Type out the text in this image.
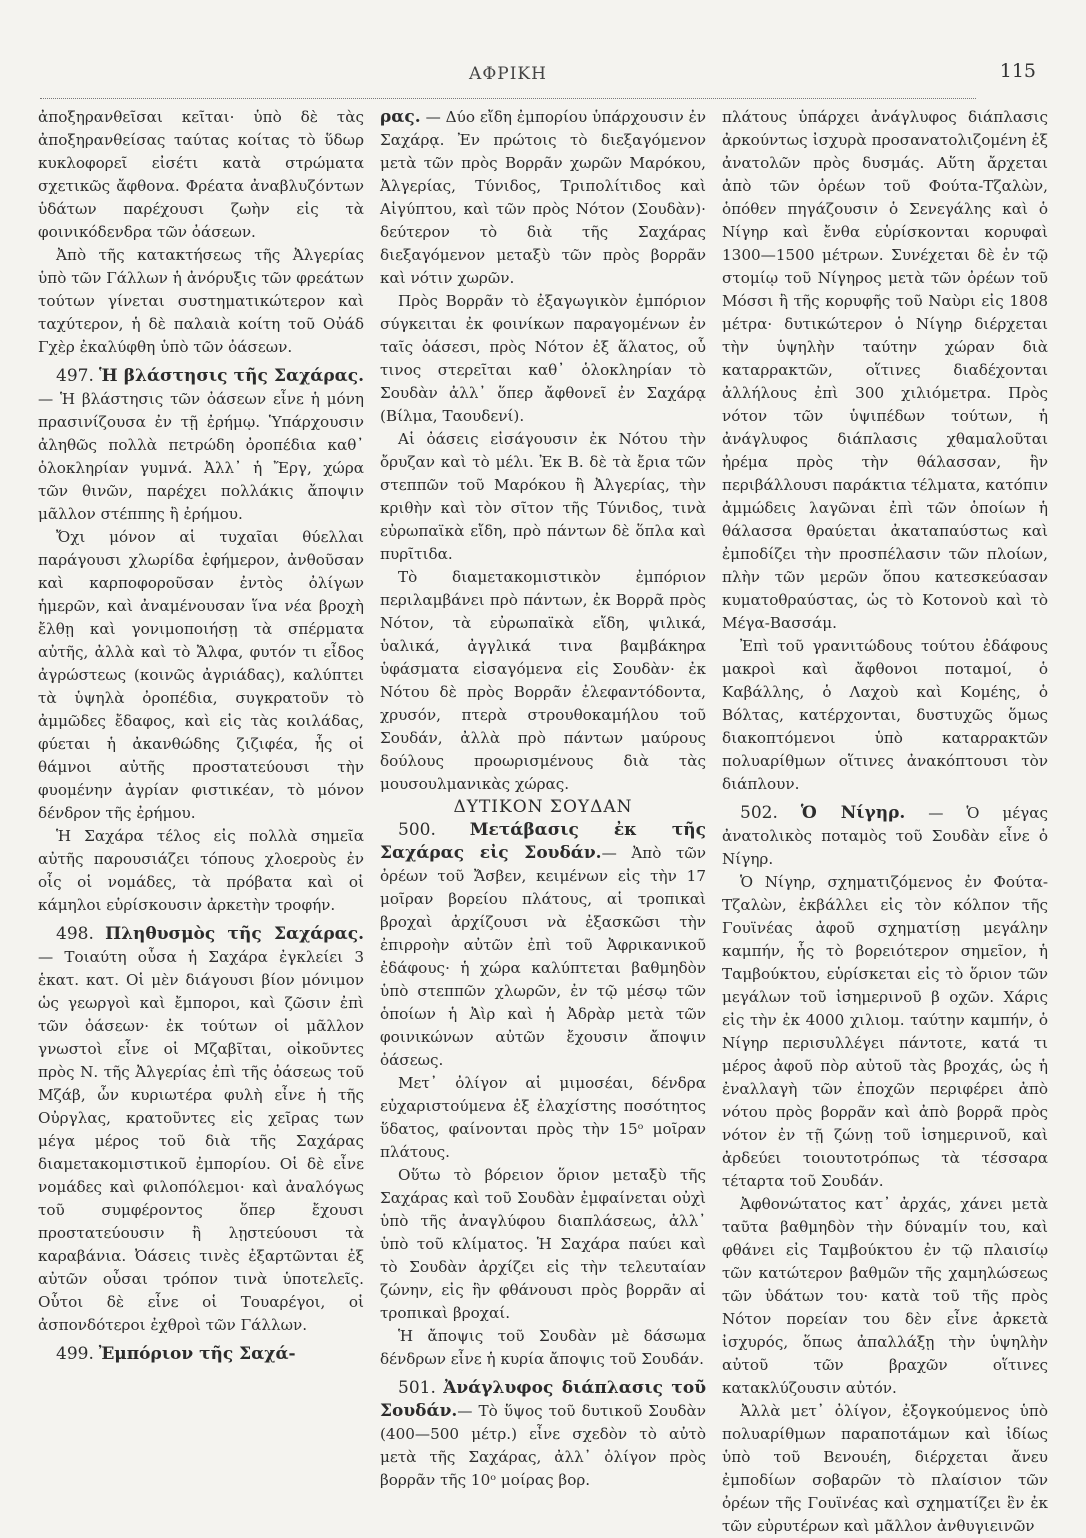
ΑΦΡΙΚΗ	115

ἀποξηρανθεῖσαι κεῖται· ὑπὸ δὲ τὰς ἀποξηρανθείσας ταύτας κοίτας τὸ ὕδωρ κυκλοφορεῖ εἰσέτι κατὰ στρώματα σχετικῶς ἄφθονα. Φρέατα ἀναβλυζόντων ὑδάτων παρέχουσι ζωὴν εἰς τὰ φοινικόδενδρα τῶν ὀάσεων.

Ἀπὸ τῆς κατακτήσεως τῆς Ἀλγερίας ὑπὸ τῶν Γάλλων ἡ ἀνόρυξις τῶν φρεάτων τούτων γίνεται συστηματικώτερον καὶ ταχύτερον, ἡ δὲ παλαιὰ κοίτη τοῦ Οὐάδ Γχὲρ ἐκαλύφθη ὑπὸ τῶν ὀάσεων.

497. Ἡ βλάστησις τῆς Σαχάρας.— Ἡ βλάστησις τῶν ὀάσεων εἶνε ἡ μόνη πρασινίζουσα ἐν τῇ ἐρήμῳ. Ὑπάρχουσιν ἀληθῶς πολλὰ πετρώδη ὀροπέδια καθ᾿ ὁλοκληρίαν γυμνά. Ἀλλ᾿ ἡ Ἔργ, χώρα τῶν θινῶν, παρέχει πολλάκις ἄποψιν μᾶλλον στέππης ἢ ἐρήμου.

Ὄχι μόνον αἱ τυχαῖαι θύελλαι παράγουσι χλωρίδα ἐφήμερον, ἀνθοῦσαν καὶ καρποφοροῦσαν ἐντὸς ὀλίγων ἡμερῶν, καὶ ἀναμένουσαν ἵνα νέα βροχὴ ἔλθῃ καὶ γονιμοποιήσῃ τὰ σπέρματα αὐτῆς, ἀλλὰ καὶ τὸ Ἄλφα, φυτόν τι εἶδος ἀγρώστεως (κοινῶς ἀγριάδας), καλύπτει τὰ ὑψηλὰ ὀροπέδια, συγκρατοῦν τὸ ἀμμῶδες ἔδαφος, καὶ εἰς τὰς κοιλάδας, φύεται ἡ ἀκανθώδης ζιζιφέα, ἧς οἱ θάμνοι αὐτῆς προστατεύουσι τὴν φυομένην ἀγρίαν φιστικέαν, τὸ μόνον δένδρον τῆς ἐρήμου.

Ἡ Σαχάρα τέλος εἰς πολλὰ σημεῖα αὐτῆς παρουσιάζει τόπους χλοεροὺς ἐν οἷς οἱ νομάδες, τὰ πρόβατα καὶ οἱ κάμηλοι εὑρίσκουσιν ἀρκετὴν τροφήν.

498. Πληθυσμὸς τῆς Σαχάρας. — Τοιαύτη οὖσα ἡ Σαχάρα ἐγκλείει 3 ἑκατ. κατ. Οἱ μὲν διάγουσι βίον μόνιμον ὡς γεωργοὶ καὶ ἔμποροι, καὶ ζῶσιν ἐπὶ τῶν ὀάσεων· ἐκ τούτων οἱ μᾶλλον γνωστοὶ εἶνε οἱ Μζαβῖται, οἰκοῦντες πρὸς Ν. τῆς Ἀλγερίας ἐπὶ τῆς ὀάσεως τοῦ Μζάβ, ὧν κυριωτέρα φυλὴ εἶνε ἡ τῆς Οὐργλας, κρατοῦντες εἰς χεῖρας των μέγα μέρος τοῦ διὰ τῆς Σαχάρας διαμετακομιστικοῦ ἐμπορίου. Οἱ δὲ εἶνε νομάδες καὶ φιλοπόλεμοι· καὶ ἀναλόγως τοῦ συμφέροντος ὅπερ ἔχουσι προστατεύουσιν ἢ λῃστεύουσι τὰ καραβάνια. Ὀάσεις τινὲς ἐξαρτῶνται ἐξ αὐτῶν οὖσαι τρόπον τινὰ ὑποτελεῖς. Οὗτοι δὲ εἶνε οἱ Τουαρέγοι, οἱ ἀσπονδότεροι ἐχθροὶ τῶν Γάλλων.

499. Ἐμπόριον τῆς Σαχά-

ρας. — Δύο εἴδη ἐμπορίου ὑπάρχουσιν ἐν Σαχάρᾳ. Ἐν πρώτοις τὸ διεξαγόμενον μετὰ τῶν πρὸς Βορρᾶν χωρῶν Μαρόκου, Ἀλγερίας, Τύνιδος, Τριπολίτιδος καὶ Αἰγύπτου, καὶ τῶν πρὸς Νότον (Σουδὰν)· δεύτερον τὸ διὰ τῆς Σαχάρας διεξαγόμενον μεταξὺ τῶν πρὸς βορρᾶν καὶ νότιν χωρῶν.

Πρὸς Βορρᾶν τὸ ἐξαγωγικὸν ἐμπόριον σύγκειται ἐκ φοινίκων παραγομένων ἐν ταῖς ὀάσεσι, πρὸς Νότον ἐξ ἅλατος, οὗ τινος στερεῖται καθ᾿ ὁλοκληρίαν τὸ Σουδὰν ἀλλ᾿ ὅπερ ἄφθονεῖ ἐν Σαχάρᾳ (Βίλμα, Ταουδενί).

Αἱ ὀάσεις εἰσάγουσιν ἐκ Νότου τὴν ὄρυζαν καὶ τὸ μέλι. Ἐκ Β. δὲ τὰ ἔρια τῶν στεππῶν τοῦ Μαρόκου ἢ Ἀλγερίας, τὴν κριθὴν καὶ τὸν σῖτον τῆς Τύνιδος, τινὰ εὐρωπαϊκὰ εἴδη, πρὸ πάντων δὲ ὅπλα καὶ πυρῖτιδα.

Τὸ διαμετακομιστικὸν ἐμπόριον περιλαμβάνει πρὸ πάντων, ἐκ Βορρᾶ πρὸς Νότον, τὰ εὐρωπαϊκὰ εἴδη, ψιλικά, ὑαλικά, ἀγγλικά τινα βαμβάκηρα ὑφάσματα εἰσαγόμενα εἰς Σουδὰν· ἐκ Νότου δὲ πρὸς Βορρᾶν ἐλεφαντόδοντα, χρυσόν, πτερὰ στρουθοκαμήλου τοῦ Σουδάν, ἀλλὰ πρὸ πάντων μαύρους δούλους προωρισμένους διὰ τὰς μουσουλμανικὰς χώρας.

ΔΥΤΙΚΟΝ ΣΟΥΔΑΝ

500. Μετάβασις ἐκ τῆς Σαχάρας εἰς Σουδάν.— Ἀπὸ τῶν ὀρέων τοῦ Ἄσβεν, κειμένων εἰς τὴν 17 μοῖραν βορείου πλάτους, αἱ τροπικαὶ βροχαὶ ἀρχίζουσι νὰ ἐξασκῶσι τὴν ἐπιρροὴν αὐτῶν ἐπὶ τοῦ Ἀφρικανικοῦ ἐδάφους· ἡ χώρα καλύπτεται βαθμηδὸν ὑπὸ στεππῶν χλωρῶν, ἐν τῷ μέσῳ τῶν ὁποίων ἡ Ἀὶρ καὶ ἡ Ἀδρὰρ μετὰ τῶν φοινικώνων αὐτῶν ἔχουσιν ἄποψιν ὀάσεως.

Μετ᾿ ὀλίγον αἱ μιμοσέαι, δένδρα εὐχαριστούμενα ἐξ ἐλαχίστης ποσότητος ὕδατος, φαίνονται πρὸς τὴν 15ᵒ μοῖραν πλάτους.

Οὕτω τὸ βόρειον ὅριον μεταξὺ τῆς Σαχάρας καὶ τοῦ Σουδὰν ἐμφαίνεται οὐχὶ ὑπὸ τῆς ἀναγλύφου διαπλάσεως, ἀλλ᾿ ὑπὸ τοῦ κλίματος. Ἡ Σαχάρα παύει καὶ τὸ Σουδὰν ἀρχίζει εἰς τὴν τελευταίαν ζώνην, εἰς ἣν φθάνουσι πρὸς βορρᾶν αἱ τροπικαὶ βροχαί.

Ἡ ἄποψις τοῦ Σουδὰν μὲ δάσωμα δένδρων εἶνε ἡ κυρία ἄποψις τοῦ Σουδάν.

501. Ἀνάγλυφος διάπλασις τοῦ Σουδάν.— Τὸ ὕψος τοῦ δυτικοῦ Σουδὰν (400—500 μέτρ.) εἶνε σχεδὸν τὸ αὐτὸ μετὰ τῆς Σαχάρας, ἀλλ᾿ ὀλίγον πρὸς βορρᾶν τῆς 10ᵒ μοίρας βορ.

πλάτους ὑπάρχει ἀνάγλυφος διάπλασις ἀρκούντως ἰσχυρὰ προσανατολιζομένη ἐξ ἀνατολῶν πρὸς δυσμάς. Αὕτη ἄρχεται ἀπὸ τῶν ὀρέων τοῦ Φούτα-Τζαλὼν, ὁπόθεν πηγάζουσιν ὁ Σενεγάλης καὶ ὁ Νίγηρ καὶ ἔνθα εὑρίσκονται κορυφαὶ 1300—1500 μέτρων. Συνέχεται δὲ ἐν τῷ στομίῳ τοῦ Νίγηρος μετὰ τῶν ὀρέων τοῦ Μόσσι ἢ τῆς κορυφῆς τοῦ Ναὺρι εἰς 1808 μέτρα· δυτικώτερον ὁ Νίγηρ διέρχεται τὴν ὑψηλὴν ταύτην χώραν διὰ καταρρακτῶν, οἵτινες διαδέχονται ἀλλήλους ἐπὶ 300 χιλιόμετρα. Πρὸς νότον τῶν ὑψιπέδων τούτων, ἡ ἀνάγλυφος διάπλασις χθαμαλοῦται ἠρέμα πρὸς τὴν θάλασσαν, ἣν περιβάλλουσι παράκτια τέλματα, κατόπιν ἀμμώδεις λαγῶναι ἐπὶ τῶν ὁποίων ἡ θάλασσα θραύεται ἀκαταπαύστως καὶ ἐμποδίζει τὴν προσπέλασιν τῶν πλοίων, πλὴν τῶν μερῶν ὅπου κατεσκεύασαν κυματοθραύστας, ὡς τὸ Κοτονοὺ καὶ τὸ Μέγα-Βασσάμ.

Ἐπὶ τοῦ γρανιτώδους τούτου ἐδάφους μακροὶ καὶ ἄφθονοι ποταμοί, ὁ Καβάλλης, ὁ Λαχοὺ καὶ Κομέης, ὁ Βόλτας, κατέρχονται, δυστυχῶς ὅμως διακοπτόμενοι ὑπὸ καταρρακτῶν πολυαρίθμων οἵτινες ἀνακόπτουσι τὸν διάπλουν.

502. Ὁ Νίγηρ. — Ὁ μέγας ἀνατολικὸς ποταμὸς τοῦ Σουδὰν εἶνε ὁ Νίγηρ.

Ὁ Νίγηρ, σχηματιζόμενος ἐν Φούτα-Τζαλὼν, ἐκβάλλει εἰς τὸν κόλπον τῆς Γουϊνέας ἀφοῦ σχηματίσῃ μεγάλην καμπήν, ἧς τὸ βορειότερον σημεῖον, ἡ Ταμβούκτου, εὑρίσκεται εἰς τὸ ὅριον τῶν μεγάλων τοῦ ἰσημερινοῦ β οχῶν. Χάρις εἰς τὴν ἐκ 4000 χιλιομ. ταύτην καμπήν, ὁ Νίγηρ περισυλλέγει πάντοτε, κατά τι μέρος ἀφοῦ πὸρ αὐτοῦ τὰς βροχάς, ὡς ἡ ἐναλλαγὴ τῶν ἐποχῶν περιφέρει ἀπὸ νότου πρὸς βορρᾶν καὶ ἀπὸ βορρᾶ πρὸς νότον ἐν τῇ ζώνῃ τοῦ ἰσημερινοῦ, καὶ ἀρδεύει τοιουτοτρόπως τὰ τέσσαρα τέταρτα τοῦ Σουδάν.

Ἀφθονώτατος κατ᾿ ἀρχάς, χάνει μετὰ ταῦτα βαθμηδὸν τὴν δύναμίν του, καὶ φθάνει εἰς Ταμβούκτου ἐν τῷ πλαισίῳ τῶν κατώτερον βαθμῶν τῆς χαμηλώσεως τῶν ὑδάτων του· κατὰ τοῦ τῆς πρὸς Νότον πορείαν του δὲν εἶνε ἀρκετὰ ἰσχυρός, ὅπως ἀπαλλάξῃ τὴν ὑψηλὴν αὐτοῦ τῶν βραχῶν οἵτινες κατακλύζουσιν αὐτόν.

Ἀλλὰ μετ᾿ ὀλίγον, ἐξογκούμενος ὑπὸ πολυαρίθμων παραποτάμων καὶ ἰδίως ὑπὸ τοῦ Βενουέη, διέρχεται ἄνευ ἐμποδίων σοβαρῶν τὸ πλαίσιον τῶν ὀρέων τῆς Γουϊνέας καὶ σχηματίζει ἓν ἐκ τῶν εὐρυτέρων καὶ μᾶλλον ἀνθυγιεινῶν
